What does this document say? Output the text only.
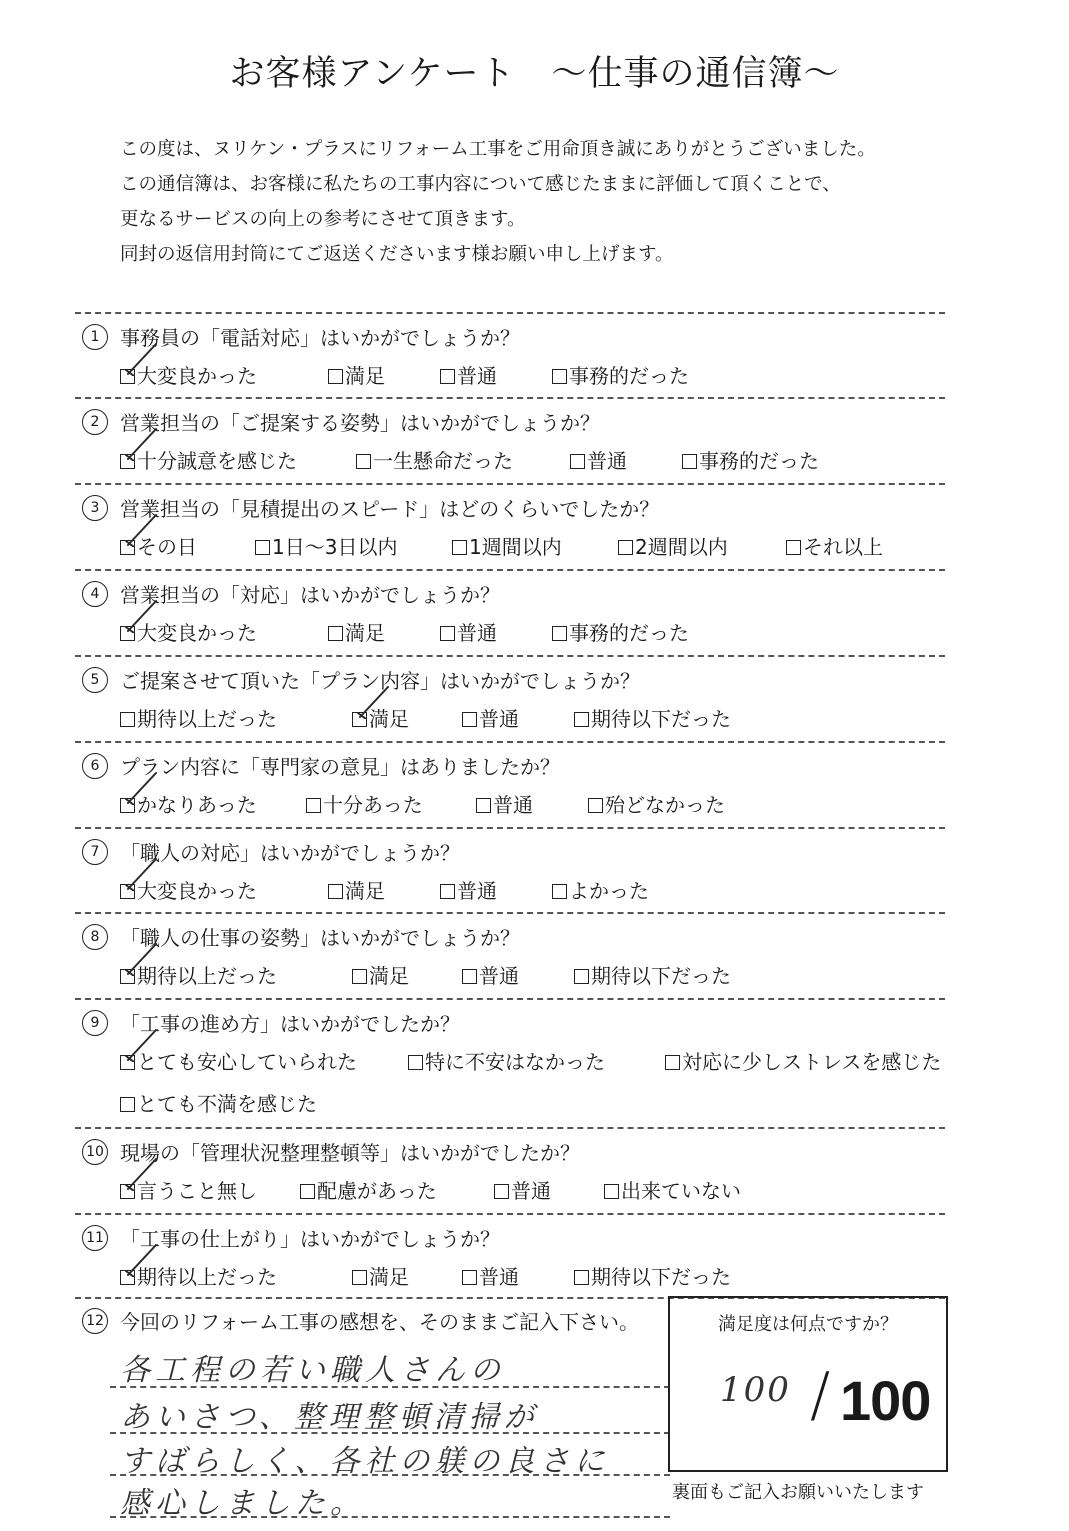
お客様アンケート　～仕事の通信簿～
この度は、ヌリケン・プラスにリフォーム工事をご用命頂き誠にありがとうございました。
この通信簿は、お客様に私たちの工事内容について感じたままに評価して頂くことで、
更なるサービスの向上の参考にさせて頂きます。
同封の返信用封筒にてご返送くださいます様お願い申し上げます。
1	事務員の「電話対応」はいかがでしょうか？
大変良かった	満足	普通	事務的だった
2	営業担当の「ご提案する姿勢」はいかがでしょうか？
十分誠意を感じた	一生懸命だった	普通	事務的だった
3	営業担当の「見積提出のスピード」はどのくらいでしたか？
その日	1日～3日以内	1週間以内	2週間以内	それ以上
4	営業担当の「対応」はいかがでしょうか？
大変良かった	満足	普通	事務的だった
5	ご提案させて頂いた「プラン内容」はいかがでしょうか？
期待以上だった	満足	普通	期待以下だった
6	プラン内容に「専門家の意見」はありましたか？
かなりあった	十分あった	普通	殆どなかった
7	「職人の対応」はいかがでしょうか？
大変良かった	満足	普通	よかった
8	「職人の仕事の姿勢」はいかがでしょうか？
期待以上だった	満足	普通	期待以下だった
9	「工事の進め方」はいかがでしたか？
とても安心していられた	特に不安はなかった	対応に少しストレスを感じた
とても不満を感じた
10 現場の「管理状況整理整頓等」はいかがでしたか？
言うこと無し	配慮があった	普通	出来ていない
11 「工事の仕上がり」はいかがでしょうか？
期待以上だった	満足	普通	期待以下だった
12 今回のリフォーム工事の感想を、そのままご記入下さい。
各工程の若い職人さんの
あいさつ、整理整頓清掃が
すばらしく、各社の躾の良さに
感心しました。
満足度は何点ですか？
100 / 100
裏面もご記入お願いいたします
